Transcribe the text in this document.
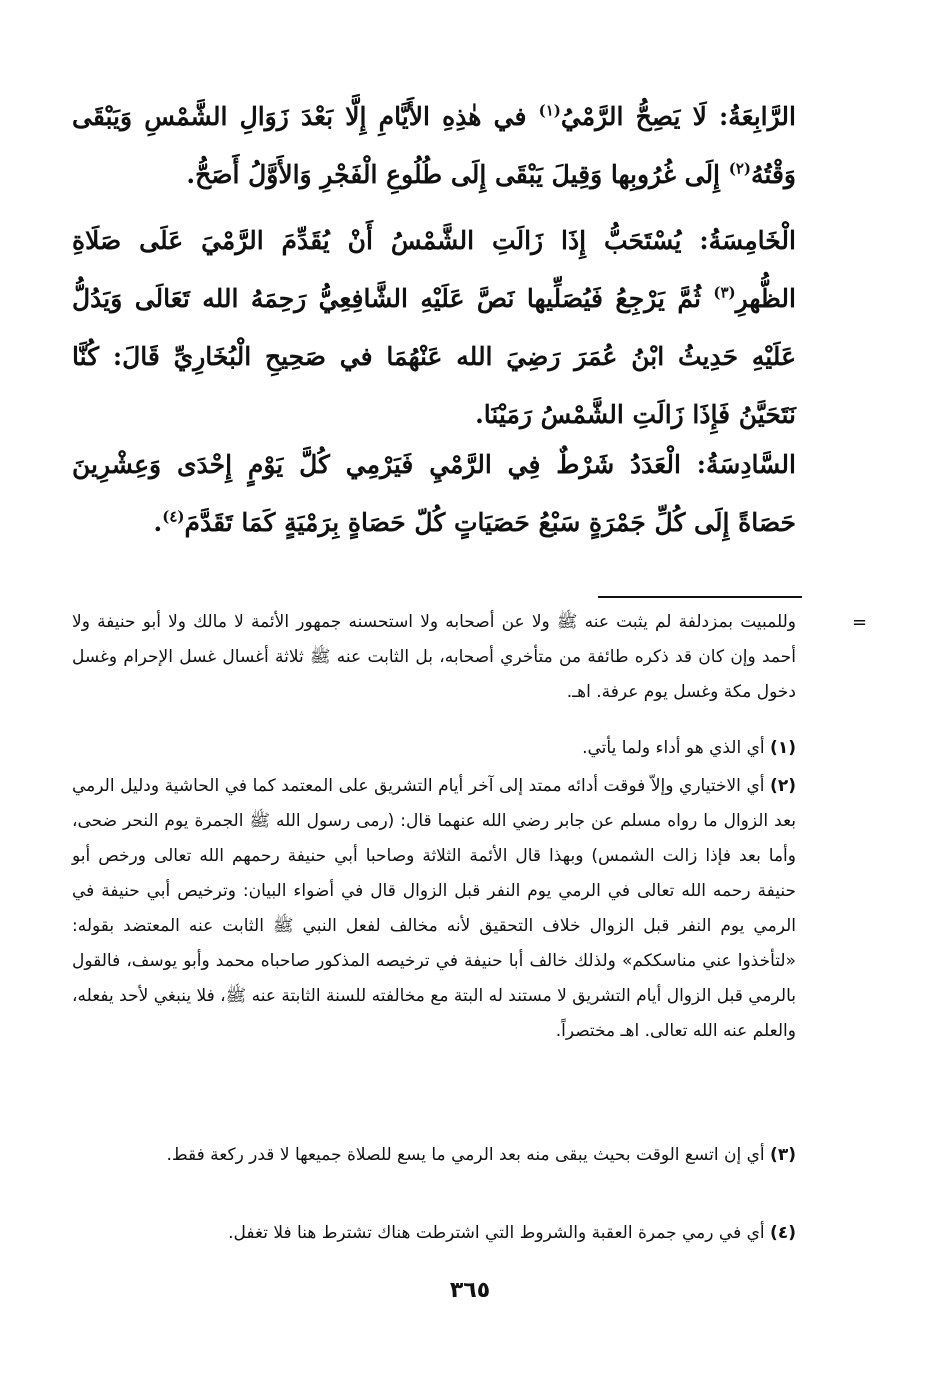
الرَّابِعَةُ: لَا يَصِحُّ الرَّمْيُ$^{(١)}$ في هٰذِهِ الأَيَّامِ إِلَّا بَعْدَ زَوَالِ الشَّمْسِ وَيَبْقَى وَقْتُهُ$^{(٢)}$ إِلَى غُرُوبِها وَقِيلَ يَبْقَى إِلَى طُلُوعِ الْفَجْرِ وَالأَوَّلُ أَصَحُّ.
الْخَامِسَةُ: يُسْتَحَبُّ إِذَا زَالَتِ الشَّمْسُ أَنْ يُقَدِّمَ الرَّمْيَ عَلَى صَلَاةِ الظُّهرِ$^{(٣)}$ ثُمَّ يَرْجِعُ فَيُصَلِّيها نَصَّ عَلَيْهِ الشَّافِعِيُّ رَحِمَهُ الله تَعَالَى وَيَدُلُّ عَلَيْهِ حَدِيثُ ابْنُ عُمَرَ رَضِيَ الله عَنْهُمَا في صَحِيحِ الْبُخَارِيِّ قَالَ: كُنَّا نَتَحَيَّنُ فَإِذَا زَالَتِ الشَّمْسُ رَمَيْنَا.
السَّادِسَةُ: الْعَدَدُ شَرْطٌ فِي الرَّمْيِ فَيَرْمِي كُلَّ يَوْمٍ إِحْدَى وَعِشْرِينَ حَصَاةً إِلَى كُلِّ جَمْرَةٍ سَبْعُ حَصَيَاتٍ كُلّ حَصَاةٍ بِرَمْيَةٍ كَمَا تَقَدَّمَ$^{(٤)}$.
=
وللمبيت بمزدلفة لم يثبت عنه ﷺ ولا عن أصحابه ولا استحسنه جمهور الأئمة لا مالك ولا أبو حنيفة ولا أحمد وإن كان قد ذكره طائفة من متأخري أصحابه، بل الثابت عنه ﷺ ثلاثة أغسال غسل الإحرام وغسل دخول مكة وغسل يوم عرفة. اهـ.
(١) أي الذي هو أداء ولما يأتي.
(٢) أي الاختياري وإلاّ فوقت أدائه ممتد إلى آخر أيام التشريق على المعتمد كما في الحاشية ودليل الرمي بعد الزوال ما رواه مسلم عن جابر رضي الله عنهما قال: (رمى رسول الله ﷺ الجمرة يوم النحر ضحى، وأما بعد فإذا زالت الشمس) وبهذا قال الأئمة الثلاثة وصاحبا أبي حنيفة رحمهم الله تعالى ورخص أبو حنيفة رحمه الله تعالى في الرمي يوم النفر قبل الزوال قال في أضواء البيان: وترخيص أبي حنيفة في الرمي يوم النفر قبل الزوال خلاف التحقيق لأنه مخالف لفعل النبي ﷺ الثابت عنه المعتضد بقوله: «لتأخذوا عني مناسككم» ولذلك خالف أبا حنيفة في ترخيصه المذكور صاحباه محمد وأبو يوسف، فالقول بالرمي قبل الزوال أيام التشريق لا مستند له البتة مع مخالفته للسنة الثابتة عنه ﷺ، فلا ينبغي لأحد يفعله، والعلم عنه الله تعالى. اهـ مختصراً.
(٣) أي إن اتسع الوقت بحيث يبقى منه بعد الرمي ما يسع للصلاة جميعها لا قدر ركعة فقط.
(٤) أي في رمي جمرة العقبة والشروط التي اشترطت هناك تشترط هنا فلا تغفل.
٣٦٥
